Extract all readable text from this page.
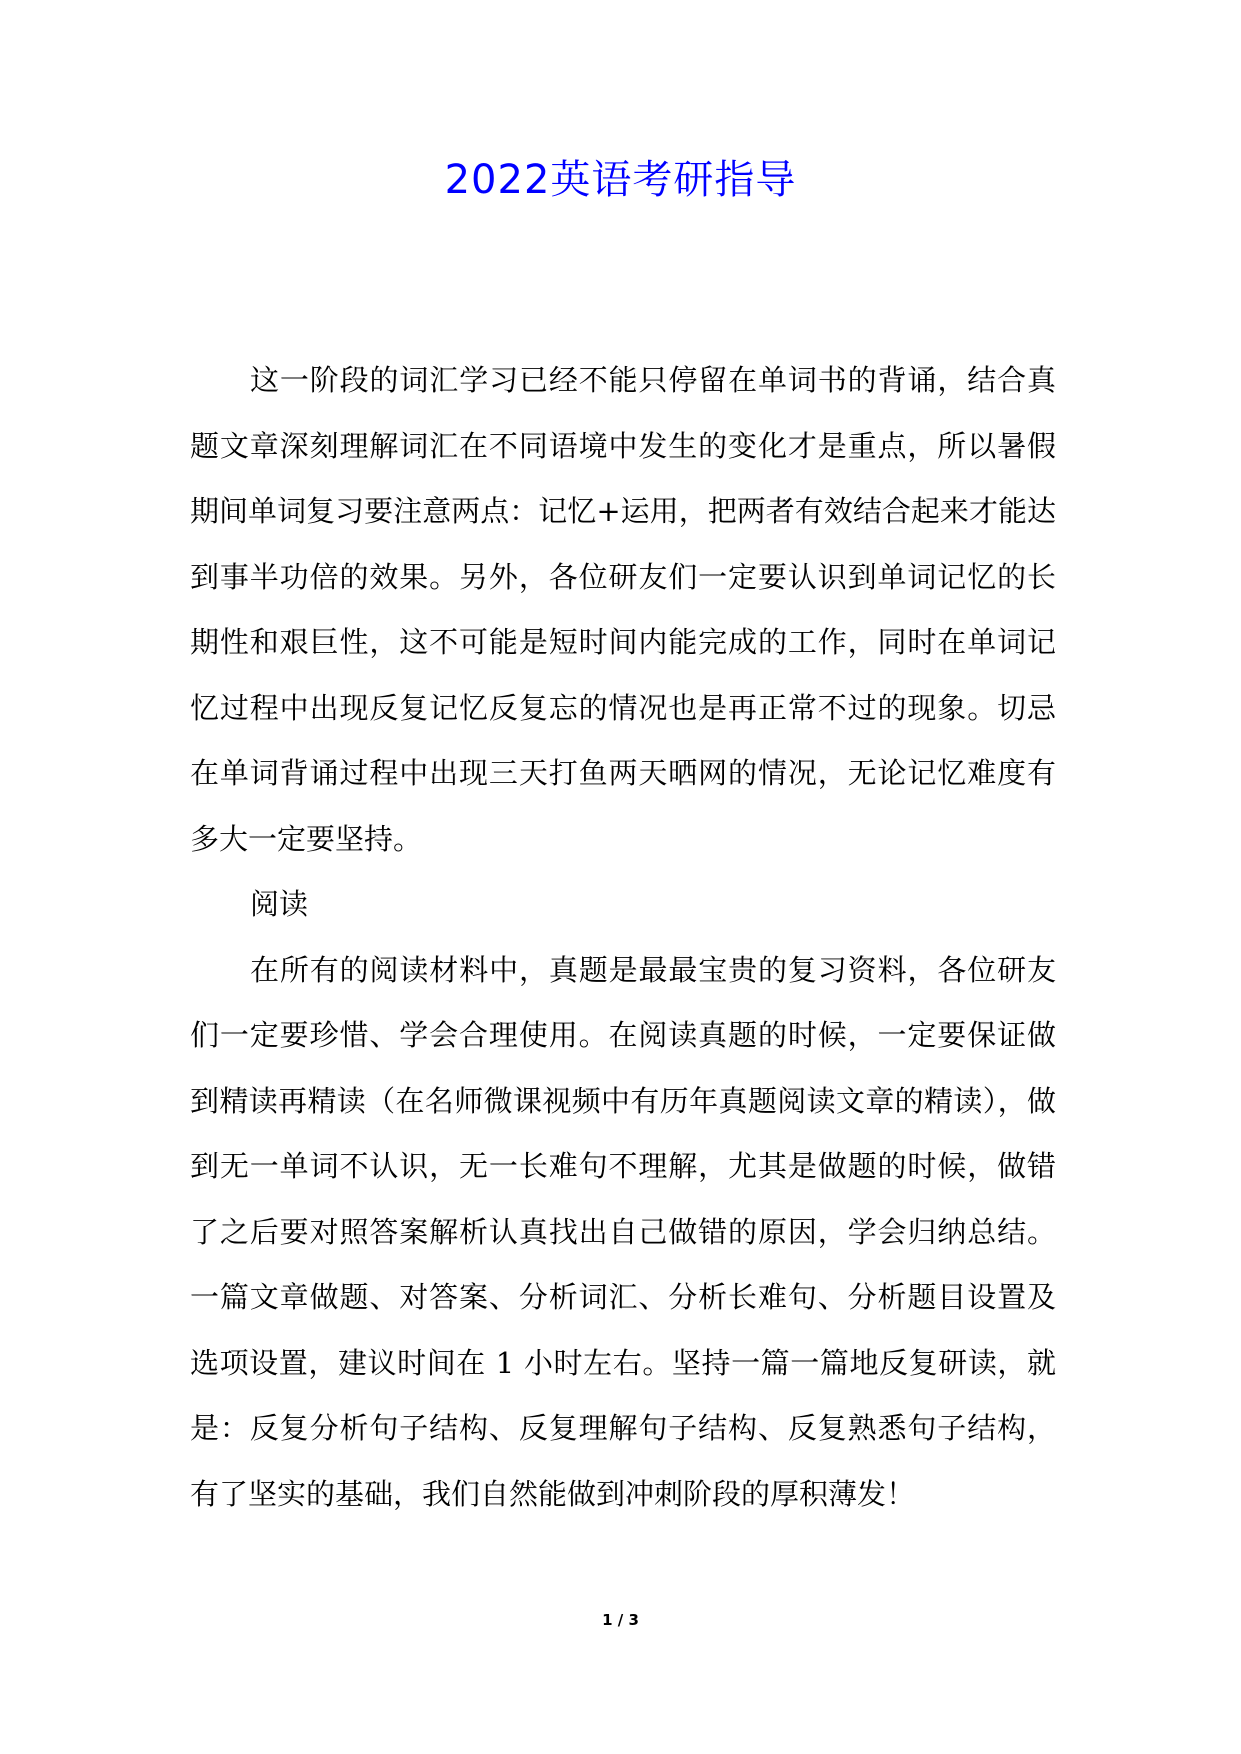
2022英语考研指导

这一阶段的词汇学习已经不能只停留在单词书的背诵，结合真题文章深刻理解词汇在不同语境中发生的变化才是重点，所以暑假期间单词复习要注意两点：记忆+运用，把两者有效结合起来才能达到事半功倍的效果。另外，各位研友们一定要认识到单词记忆的长期性和艰巨性，这不可能是短时间内能完成的工作，同时在单词记忆过程中出现反复记忆反复忘的情况也是再正常不过的现象。切忌在单词背诵过程中出现三天打鱼两天晒网的情况，无论记忆难度有多大一定要坚持。

阅读

在所有的阅读材料中，真题是最最宝贵的复习资料，各位研友们一定要珍惜、学会合理使用。在阅读真题的时候，一定要保证做到精读再精读（在名师微课视频中有历年真题阅读文章的精读），做到无一单词不认识，无一长难句不理解，尤其是做题的时候，做错了之后要对照答案解析认真找出自己做错的原因，学会归纳总结。一篇文章做题、对答案、分析词汇、分析长难句、分析题目设置及选项设置，建议时间在 1 小时左右。坚持一篇一篇地反复研读，就是：反复分析句子结构、反复理解句子结构、反复熟悉句子结构，有了坚实的基础，我们自然能做到冲刺阶段的厚积薄发！

1 / 3
